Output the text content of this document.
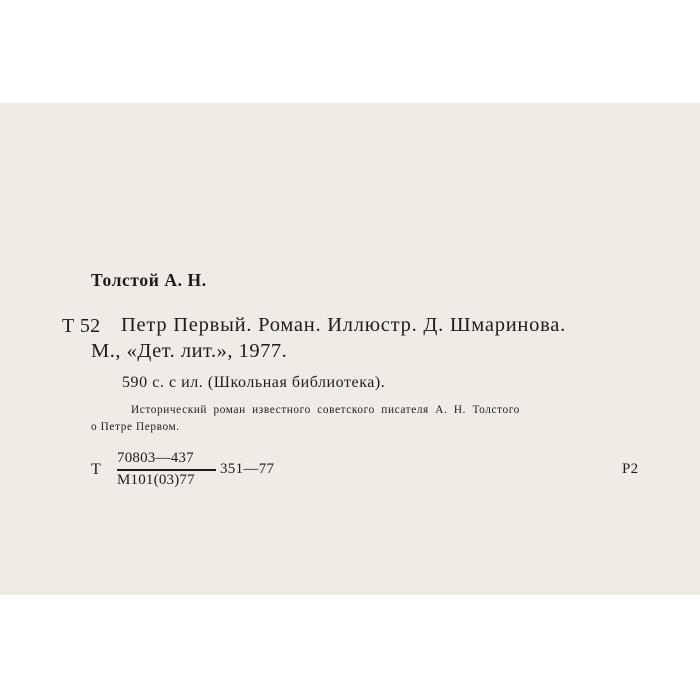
Толстой А. Н.
Т 52 Петр Первый. Роман. Иллюстр. Д. Шмаринова.
М., «Дет. лит.», 1977.
590 с. с ил. (Школьная библиотека).
Исторический роман известного советского писателя А. Н. Толстого
о Петре Первом.
Т
70803—437
М101(03)77
351—77	Р2
